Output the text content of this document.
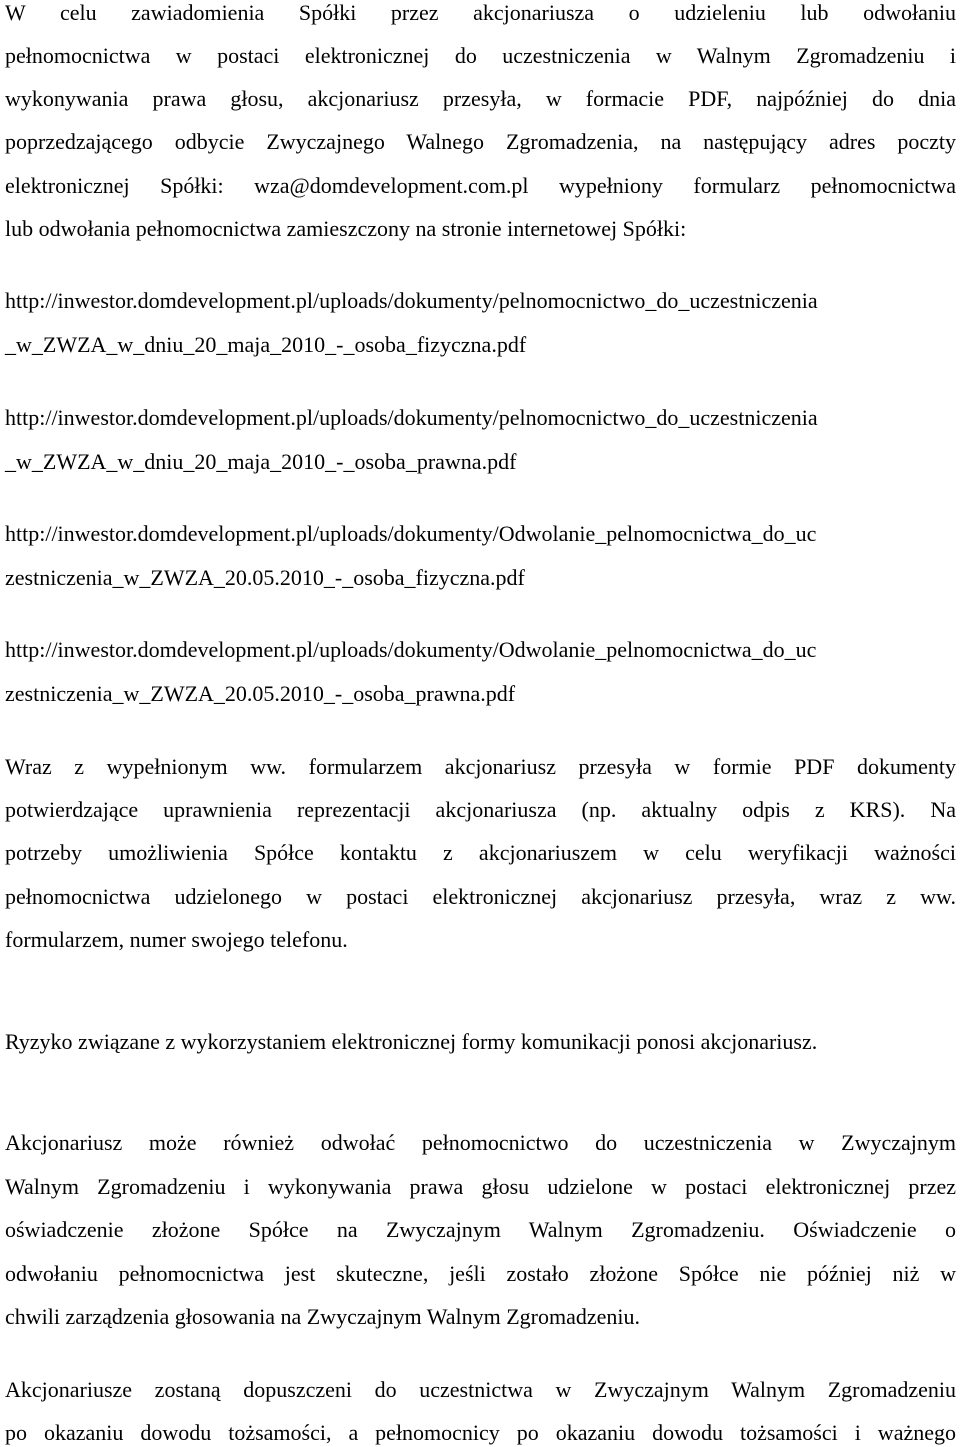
W celu zawiadomienia Spółki przez akcjonariusza o udzieleniu lub odwołaniu
pełnomocnictwa w postaci elektronicznej do uczestniczenia w Walnym Zgromadzeniu i
wykonywania prawa głosu, akcjonariusz przesyła, w formacie PDF, najpóźniej do dnia
poprzedzającego odbycie Zwyczajnego Walnego Zgromadzenia, na następujący adres poczty
elektronicznej Spółki: wza@domdevelopment.com.pl wypełniony formularz pełnomocnictwa
lub odwołania pełnomocnictwa zamieszczony na stronie internetowej Spółki:
http://inwestor.domdevelopment.pl/uploads/dokumenty/pelnomocnictwo_do_uczestniczenia
_w_ZWZA_w_dniu_20_maja_2010_-_osoba_fizyczna.pdf
http://inwestor.domdevelopment.pl/uploads/dokumenty/pelnomocnictwo_do_uczestniczenia
_w_ZWZA_w_dniu_20_maja_2010_-_osoba_prawna.pdf
http://inwestor.domdevelopment.pl/uploads/dokumenty/Odwolanie_pelnomocnictwa_do_uc
zestniczenia_w_ZWZA_20.05.2010_-_osoba_fizyczna.pdf
http://inwestor.domdevelopment.pl/uploads/dokumenty/Odwolanie_pelnomocnictwa_do_uc
zestniczenia_w_ZWZA_20.05.2010_-_osoba_prawna.pdf
Wraz z wypełnionym ww. formularzem akcjonariusz przesyła w formie PDF dokumenty
potwierdzające uprawnienia reprezentacji akcjonariusza (np. aktualny odpis z KRS). Na
potrzeby umożliwienia Spółce kontaktu z akcjonariuszem w celu weryfikacji ważności
pełnomocnictwa udzielonego w postaci elektronicznej akcjonariusz przesyła, wraz z ww.
formularzem, numer swojego telefonu.
Ryzyko związane z wykorzystaniem elektronicznej formy komunikacji ponosi akcjonariusz.
Akcjonariusz może również odwołać pełnomocnictwo do uczestniczenia w Zwyczajnym
Walnym Zgromadzeniu i wykonywania prawa głosu udzielone w postaci elektronicznej przez
oświadczenie złożone Spółce na Zwyczajnym Walnym Zgromadzeniu. Oświadczenie o
odwołaniu pełnomocnictwa jest skuteczne, jeśli zostało złożone Spółce nie później niż w
chwili zarządzenia głosowania na Zwyczajnym Walnym Zgromadzeniu.
Akcjonariusze zostaną dopuszczeni do uczestnictwa w Zwyczajnym Walnym Zgromadzeniu
po okazaniu dowodu tożsamości, a pełnomocnicy po okazaniu dowodu tożsamości i ważnego
